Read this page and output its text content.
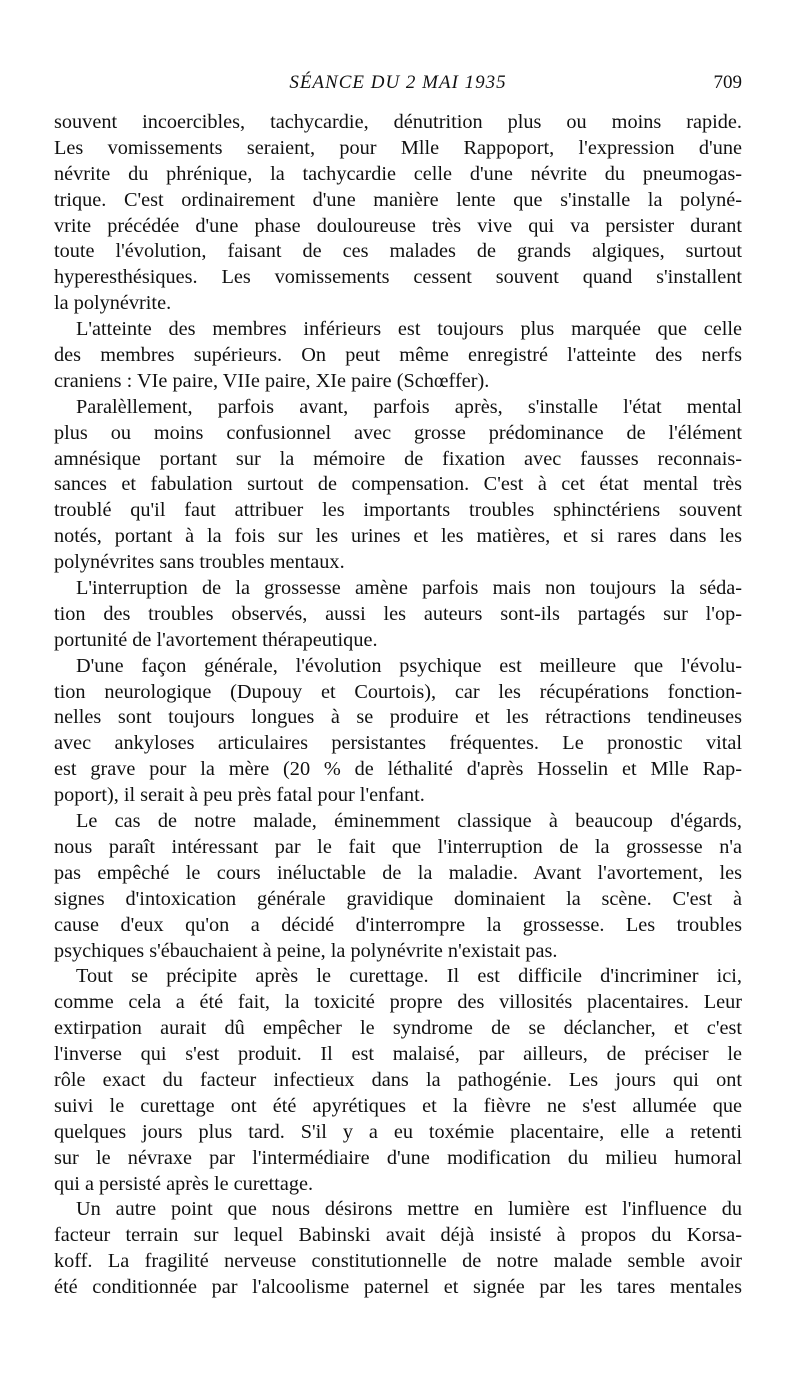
SÉANCE DU 2 MAI 1935	709
souvent incoercibles, tachycardie, dénutrition plus ou moins rapide.
Les vomissements seraient, pour Mlle Rappoport, l'expression d'une
névrite du phrénique, la tachycardie celle d'une névrite du pneumogas-
trique. C'est ordinairement d'une manière lente que s'installe la polyné-
vrite précédée d'une phase douloureuse très vive qui va persister durant
toute l'évolution, faisant de ces malades de grands algiques, surtout
hyperesthésiques. Les vomissements cessent souvent quand s'installent
la polynévrite.
L'atteinte des membres inférieurs est toujours plus marquée que celle
des membres supérieurs. On peut même enregistré l'atteinte des nerfs
craniens : VIe paire, VIIe paire, XIe paire (Schœffer).
Paralèllement, parfois avant, parfois après, s'installe l'état mental
plus ou moins confusionnel avec grosse prédominance de l'élément
amnésique portant sur la mémoire de fixation avec fausses reconnais-
sances et fabulation surtout de compensation. C'est à cet état mental très
troublé qu'il faut attribuer les importants troubles sphinctériens souvent
notés, portant à la fois sur les urines et les matières, et si rares dans les
polynévrites sans troubles mentaux.
L'interruption de la grossesse amène parfois mais non toujours la séda-
tion des troubles observés, aussi les auteurs sont-ils partagés sur l'op-
portunité de l'avortement thérapeutique.
D'une façon générale, l'évolution psychique est meilleure que l'évolu-
tion neurologique (Dupouy et Courtois), car les récupérations fonction-
nelles sont toujours longues à se produire et les rétractions tendineuses
avec ankyloses articulaires persistantes fréquentes. Le pronostic vital
est grave pour la mère (20 % de léthalité d'après Hosselin et Mlle Rap-
poport), il serait à peu près fatal pour l'enfant.
Le cas de notre malade, éminemment classique à beaucoup d'égards,
nous paraît intéressant par le fait que l'interruption de la grossesse n'a
pas empêché le cours inéluctable de la maladie. Avant l'avortement, les
signes d'intoxication générale gravidique dominaient la scène. C'est à
cause d'eux qu'on a décidé d'interrompre la grossesse. Les troubles
psychiques s'ébauchaient à peine, la polynévrite n'existait pas.
Tout se précipite après le curettage. Il est difficile d'incriminer ici,
comme cela a été fait, la toxicité propre des villosités placentaires. Leur
extirpation aurait dû empêcher le syndrome de se déclancher, et c'est
l'inverse qui s'est produit. Il est malaisé, par ailleurs, de préciser le
rôle exact du facteur infectieux dans la pathogénie. Les jours qui ont
suivi le curettage ont été apyrétiques et la fièvre ne s'est allumée que
quelques jours plus tard. S'il y a eu toxémie placentaire, elle a retenti
sur le névraxe par l'intermédiaire d'une modification du milieu humoral
qui a persisté après le curettage.
Un autre point que nous désirons mettre en lumière est l'influence du
facteur terrain sur lequel Babinski avait déjà insisté à propos du Korsa-
koff. La fragilité nerveuse constitutionnelle de notre malade semble avoir
été conditionnée par l'alcoolisme paternel et signée par les tares mentales
